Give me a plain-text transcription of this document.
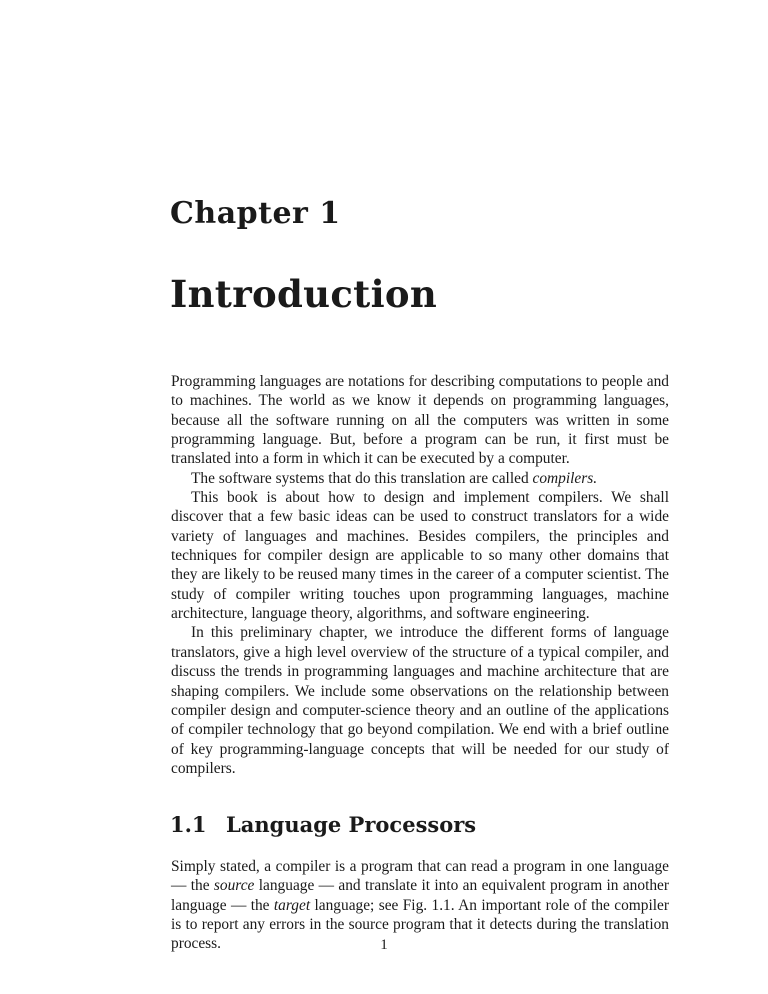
Chapter 1
Introduction

Programming languages are notations for describing computations to people and to machines. The world as we know it depends on programming languages, because all the software running on all the computers was written in some programming language. But, before a program can be run, it first must be translated into a form in which it can be executed by a computer.

The software systems that do this translation are called compilers.

This book is about how to design and implement compilers. We shall discover that a few basic ideas can be used to construct translators for a wide variety of languages and machines. Besides compilers, the principles and techniques for compiler design are applicable to so many other domains that they are likely to be reused many times in the career of a computer scientist. The study of compiler writing touches upon programming languages, machine architecture, language theory, algorithms, and software engineering.

In this preliminary chapter, we introduce the different forms of language translators, give a high level overview of the structure of a typical compiler, and discuss the trends in programming languages and machine architecture that are shaping compilers. We include some observations on the relationship between compiler design and computer-science theory and an outline of the applications of compiler technology that go beyond compilation. We end with a brief outline of key programming-language concepts that will be needed for our study of compilers.

1.1 Language Processors

Simply stated, a compiler is a program that can read a program in one language — the source language — and translate it into an equivalent program in another language — the target language; see Fig. 1.1. An important role of the compiler is to report any errors in the source program that it detects during the translation process.	1
